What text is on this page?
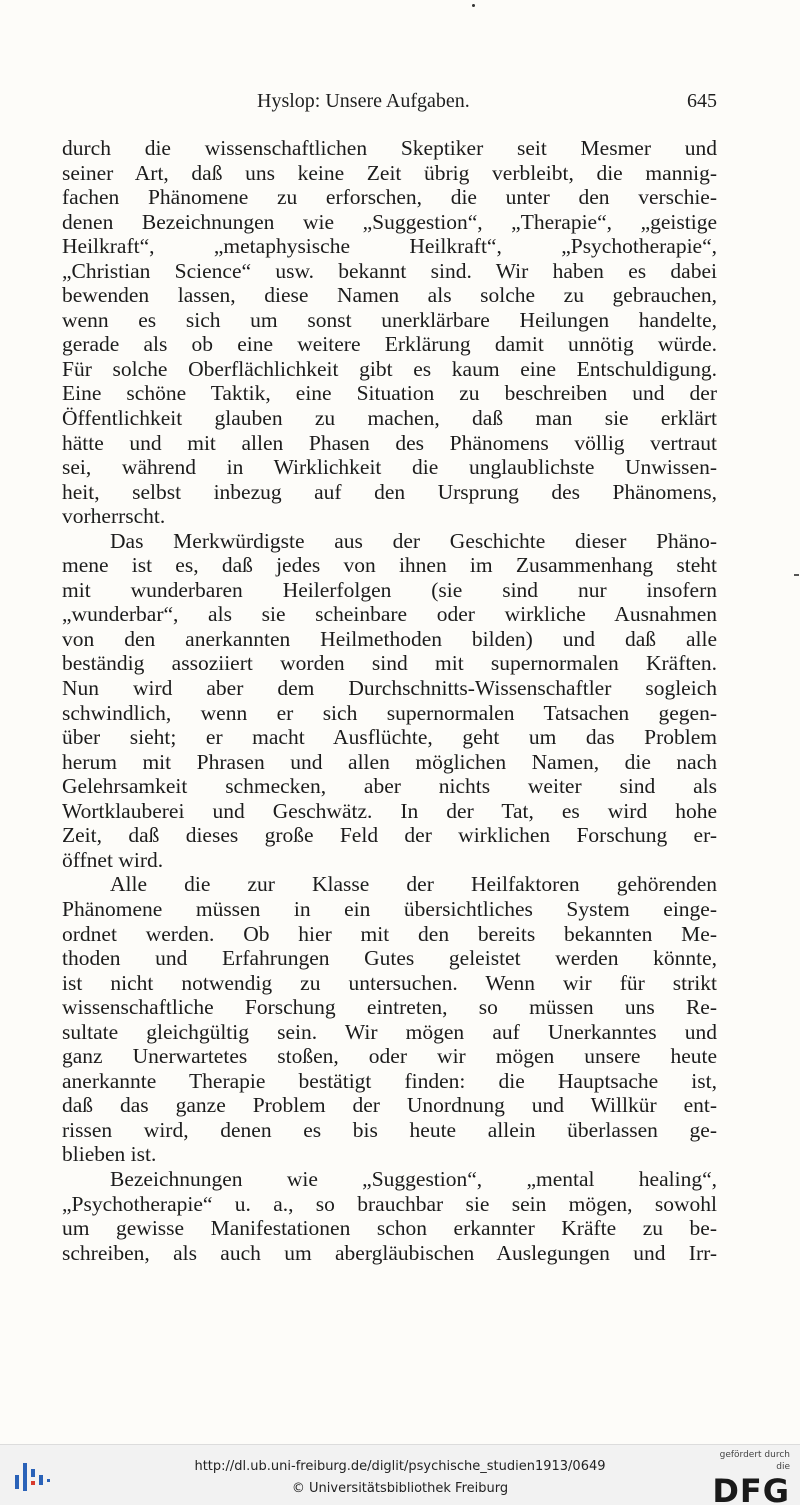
Hyslop: Unsere Aufgaben.	645
durch die wissenschaftlichen Skeptiker seit Mesmer und
seiner Art, daß uns keine Zeit übrig verbleibt, die mannig-
fachen Phänomene zu erforschen, die unter den verschie-
denen Bezeichnungen wie „Suggestion“, „Therapie“, „geistige
Heilkraft“, „metaphysische Heilkraft“, „Psychotherapie“,
„Christian Science“ usw. bekannt sind. Wir haben es dabei
bewenden lassen, diese Namen als solche zu gebrauchen,
wenn es sich um sonst unerklärbare Heilungen handelte,
gerade als ob eine weitere Erklärung damit unnötig würde.
Für solche Oberflächlichkeit gibt es kaum eine Entschuldigung.
Eine schöne Taktik, eine Situation zu beschreiben und der
Öffentlichkeit glauben zu machen, daß man sie erklärt
hätte und mit allen Phasen des Phänomens völlig vertraut
sei, während in Wirklichkeit die unglaublichste Unwissen-
heit, selbst inbezug auf den Ursprung des Phänomens,
vorherrscht.
Das Merkwürdigste aus der Geschichte dieser Phäno-
mene ist es, daß jedes von ihnen im Zusammenhang steht
mit wunderbaren Heilerfolgen (sie sind nur insofern
„wunderbar“, als sie scheinbare oder wirkliche Ausnahmen
von den anerkannten Heilmethoden bilden) und daß alle
beständig assoziiert worden sind mit supernormalen Kräften.
Nun wird aber dem Durchschnitts-Wissenschaftler sogleich
schwindlich, wenn er sich supernormalen Tatsachen gegen-
über sieht; er macht Ausflüchte, geht um das Problem
herum mit Phrasen und allen möglichen Namen, die nach
Gelehrsamkeit schmecken, aber nichts weiter sind als
Wortklauberei und Geschwätz. In der Tat, es wird hohe
Zeit, daß dieses große Feld der wirklichen Forschung er-
öffnet wird.
Alle die zur Klasse der Heilfaktoren gehörenden
Phänomene müssen in ein übersichtliches System einge-
ordnet werden. Ob hier mit den bereits bekannten Me-
thoden und Erfahrungen Gutes geleistet werden könnte,
ist nicht notwendig zu untersuchen. Wenn wir für strikt
wissenschaftliche Forschung eintreten, so müssen uns Re-
sultate gleichgültig sein. Wir mögen auf Unerkanntes und
ganz Unerwartetes stoßen, oder wir mögen unsere heute
anerkannte Therapie bestätigt finden: die Hauptsache ist,
daß das ganze Problem der Unordnung und Willkür ent-
rissen wird, denen es bis heute allein überlassen ge-
blieben ist.
Bezeichnungen wie „Suggestion“, „mental healing“,
„Psychotherapie“ u. a., so brauchbar sie sein mögen, sowohl
um gewisse Manifestationen schon erkannter Kräfte zu be-
schreiben, als auch um abergläubischen Auslegungen und Irr-
http://dl.ub.uni-freiburg.de/diglit/psychische_studien1913/0649
© Universitätsbibliothek Freiburg
gefördert durch die
DFG
